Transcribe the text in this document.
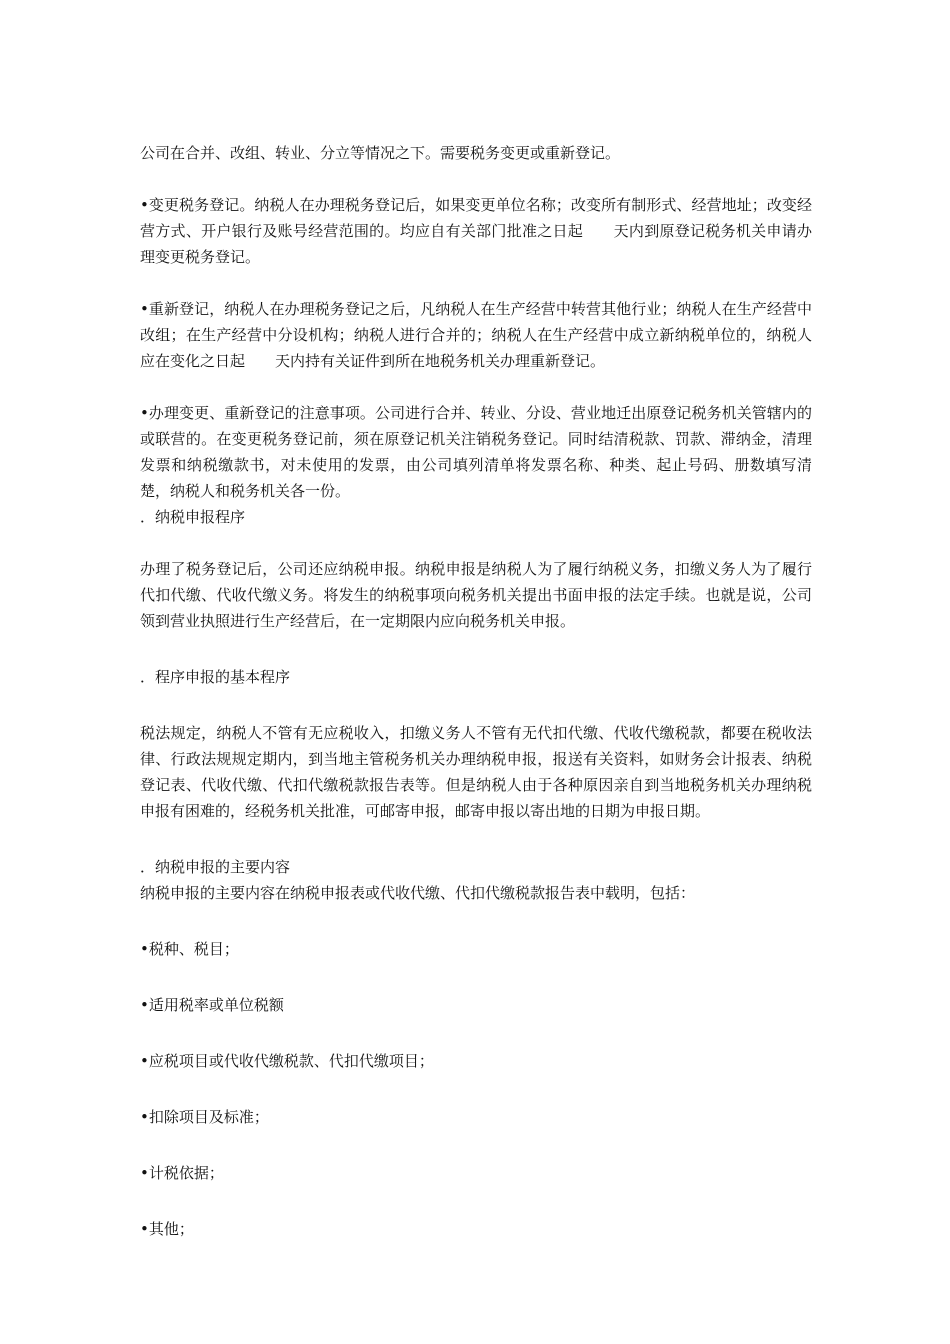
公司在合并、改组、转业、分立等情况之下。需要税务变更或重新登记。

•变更税务登记。纳税人在办理税务登记后，如果变更单位名称；改变所有制形式、经营地址；改变经营方式、开户银行及账号经营范围的。均应自有关部门批准之日起　　天内到原登记税务机关申请办理变更税务登记。

•重新登记，纳税人在办理税务登记之后，凡纳税人在生产经营中转营其他行业；纳税人在生产经营中改组；在生产经营中分设机构；纳税人进行合并的；纳税人在生产经营中成立新纳税单位的，纳税人应在变化之日起　　天内持有关证件到所在地税务机关办理重新登记。

•办理变更、重新登记的注意事项。公司进行合并、转业、分设、营业地迁出原登记税务机关管辖内的或联营的。在变更税务登记前，须在原登记机关注销税务登记。同时结清税款、罚款、滞纳金，清理发票和纳税缴款书，对未使用的发票，由公司填列清单将发票名称、种类、起止号码、册数填写清楚，纳税人和税务机关各一份。

．纳税申报程序

办理了税务登记后，公司还应纳税申报。纳税申报是纳税人为了履行纳税义务，扣缴义务人为了履行代扣代缴、代收代缴义务。将发生的纳税事项向税务机关提出书面申报的法定手续。也就是说，公司领到营业执照进行生产经营后，在一定期限内应向税务机关申报。

．程序申报的基本程序

税法规定，纳税人不管有无应税收入，扣缴义务人不管有无代扣代缴、代收代缴税款，都要在税收法律、行政法规规定期内，到当地主管税务机关办理纳税申报，报送有关资料，如财务会计报表、纳税登记表、代收代缴、代扣代缴税款报告表等。但是纳税人由于各种原因亲自到当地税务机关办理纳税申报有困难的，经税务机关批准，可邮寄申报，邮寄申报以寄出地的日期为申报日期。

．纳税申报的主要内容

纳税申报的主要内容在纳税申报表或代收代缴、代扣代缴税款报告表中载明，包括：

•税种、税目；

•适用税率或单位税额

•应税项目或代收代缴税款、代扣代缴项目；

•扣除项目及标准；

•计税依据；

•其他；
